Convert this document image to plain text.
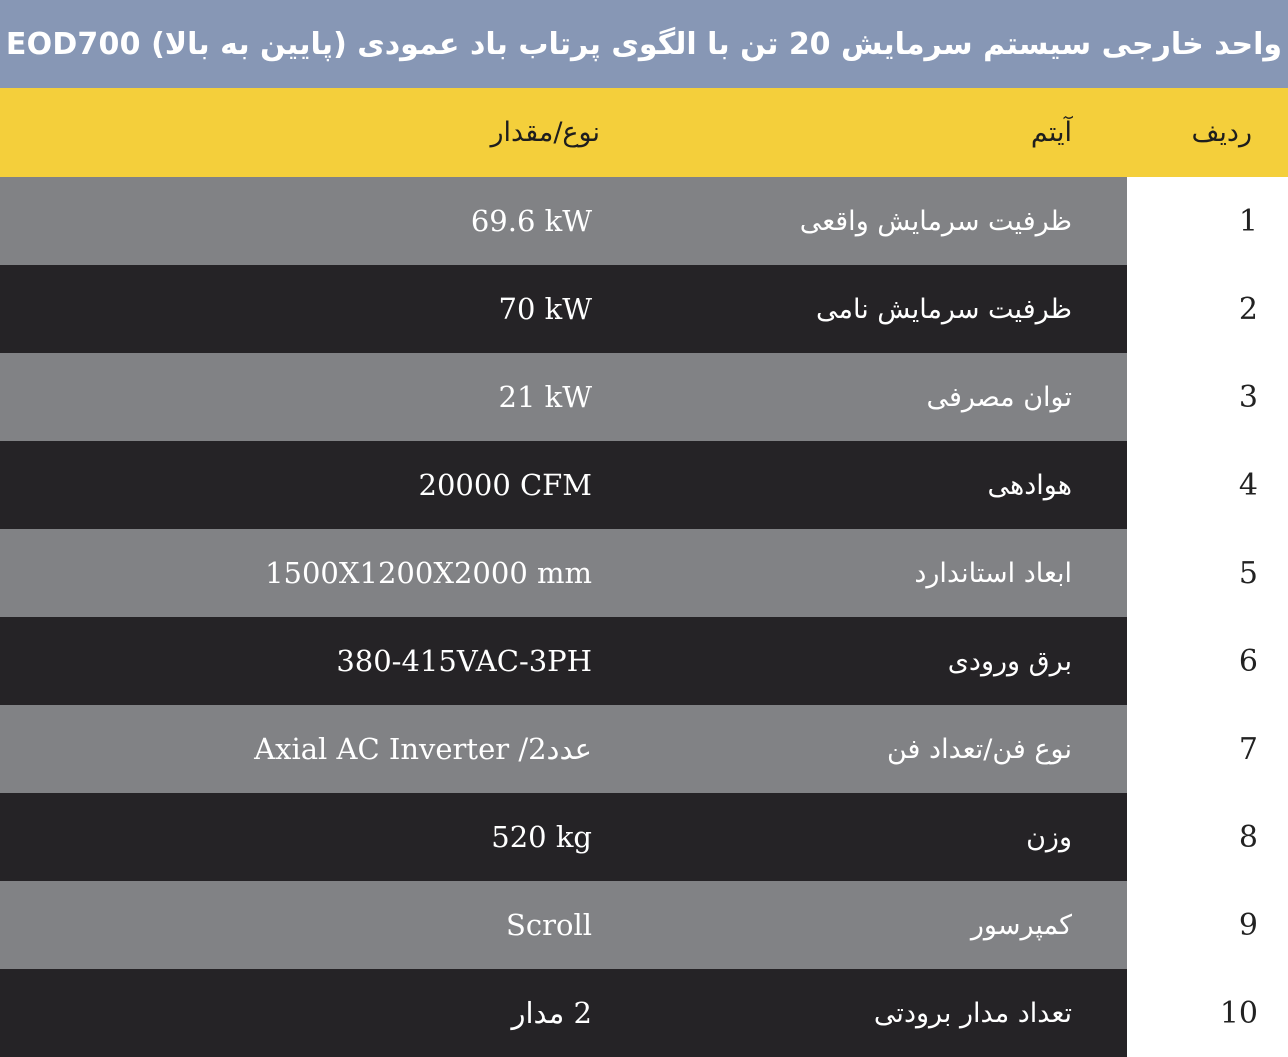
واحد خارجی سیستم سرمایش 20 تن با الگوی پرتاب باد عمودی (پایین به بالا) EOD700
ردیف
آیتم
نوع/مقدار
1
ظرفیت سرمایش واقعی
69.6 kW
2
ظرفیت سرمایش نامی
70 kW
3
توان مصرفی
21 kW
4
هوادهی
20000 CFM
5
ابعاد استاندارد
1500X1200X2000 mm
6
برق ورودی
380-415VAC-3PH
7
نوع فن/تعداد فن
Axial AC Inverter /2عدد
8
وزن
520 kg
9
کمپرسور
Scroll
10
تعداد مدار برودتی
2 مدار
